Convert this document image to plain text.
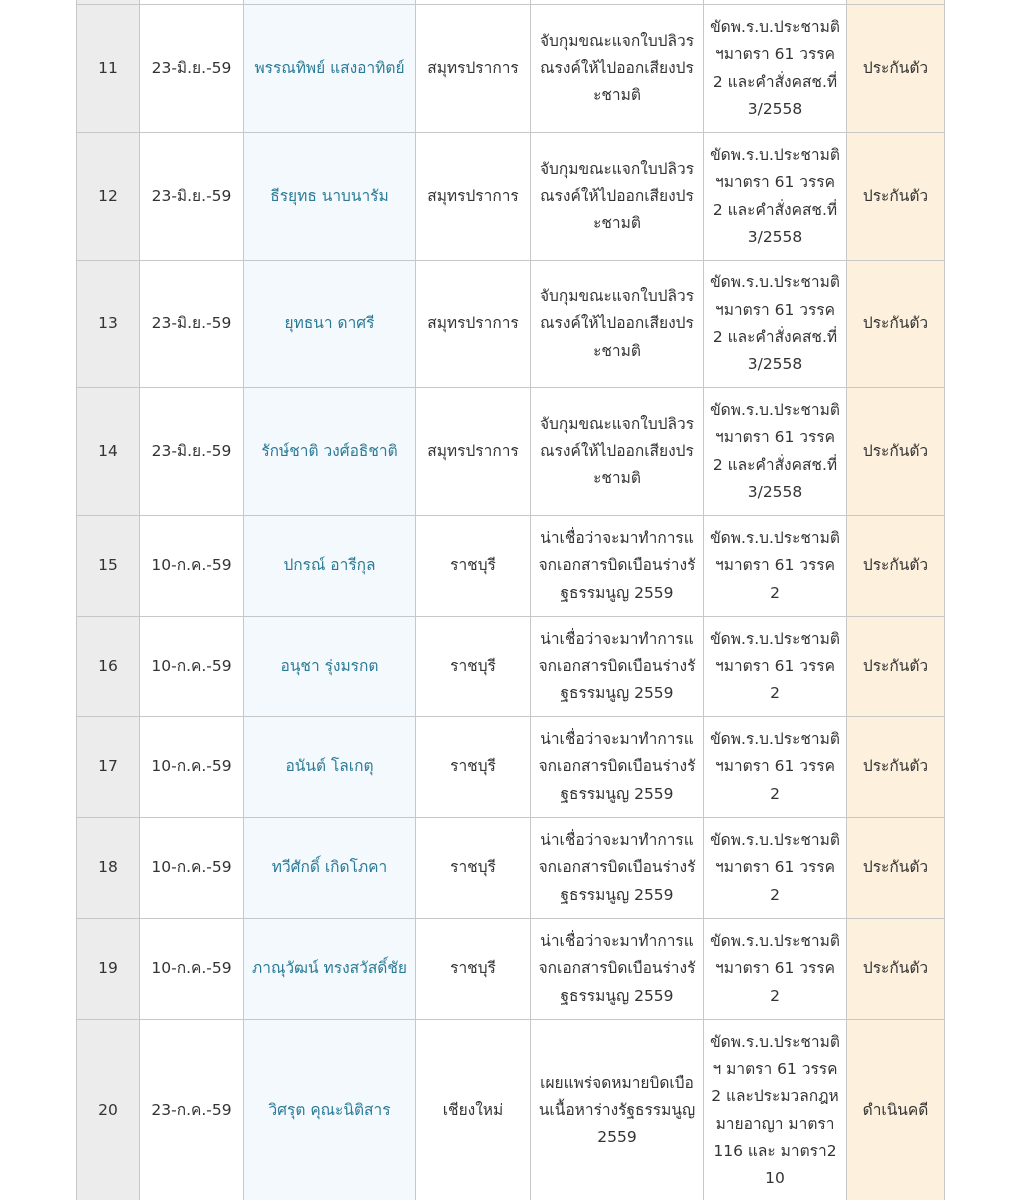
11	23-มิ.ย.-59	พรรณทิพย์ แสงอาทิตย์	สมุทรปราการ	จับกุมขณะแจกใบปลิวรณรงค์ให้ไปออกเสียงประชามติ	ขัดพ.ร.บ.ประชามติฯมาตรา 61 วรรค 2 และคำสั่งคสช.ที่3/2558	ประกันตัว
12	23-มิ.ย.-59	ธีรยุทธ นาบนารัม	สมุทรปราการ	จับกุมขณะแจกใบปลิวรณรงค์ให้ไปออกเสียงประชามติ	ขัดพ.ร.บ.ประชามติฯมาตรา 61 วรรค 2 และคำสั่งคสช.ที่3/2558	ประกันตัว
13	23-มิ.ย.-59	ยุทธนา ดาศรี	สมุทรปราการ	จับกุมขณะแจกใบปลิวรณรงค์ให้ไปออกเสียงประชามติ	ขัดพ.ร.บ.ประชามติฯมาตรา 61 วรรค 2 และคำสั่งคสช.ที่3/2558	ประกันตัว
14	23-มิ.ย.-59	รักษ์ชาติ วงศ์อธิชาติ	สมุทรปราการ	จับกุมขณะแจกใบปลิวรณรงค์ให้ไปออกเสียงประชามติ	ขัดพ.ร.บ.ประชามติฯมาตรา 61 วรรค 2 และคำสั่งคสช.ที่3/2558	ประกันตัว
15	10-ก.ค.-59	ปกรณ์ อารีกุล	ราชบุรี	น่าเชื่อว่าจะมาทำการแจกเอกสารบิดเบือนร่างรัฐธรรมนูญ 2559	ขัดพ.ร.บ.ประชามติฯมาตรา 61 วรรค 2	ประกันตัว
16	10-ก.ค.-59	อนุชา รุ่งมรกต	ราชบุรี	น่าเชื่อว่าจะมาทำการแจกเอกสารบิดเบือนร่างรัฐธรรมนูญ 2559	ขัดพ.ร.บ.ประชามติฯมาตรา 61 วรรค 2	ประกันตัว
17	10-ก.ค.-59	อนันต์ โลเกตุ	ราชบุรี	น่าเชื่อว่าจะมาทำการแจกเอกสารบิดเบือนร่างรัฐธรรมนูญ 2559	ขัดพ.ร.บ.ประชามติฯมาตรา 61 วรรค 2	ประกันตัว
18	10-ก.ค.-59	ทวีศักดิ์ เกิดโภคา	ราชบุรี	น่าเชื่อว่าจะมาทำการแจกเอกสารบิดเบือนร่างรัฐธรรมนูญ 2559	ขัดพ.ร.บ.ประชามติฯมาตรา 61 วรรค 2	ประกันตัว
19	10-ก.ค.-59	ภาณุวัฒน์ ทรงสวัสดิ์ชัย	ราชบุรี	น่าเชื่อว่าจะมาทำการแจกเอกสารบิดเบือนร่างรัฐธรรมนูญ 2559	ขัดพ.ร.บ.ประชามติฯมาตรา 61 วรรค 2	ประกันตัว
20	23-ก.ค.-59	วิศรุต คุณะนิติสาร	เชียงใหม่	เผยแพร่จดหมายบิดเบือนเนื้อหาร่างรัฐธรรมนูญ 2559	ขัดพ.ร.บ.ประชามติฯ มาตรา 61 วรรค 2 และประมวลกฎหมายอาญา มาตรา 116 และ มาตรา210	ดำเนินคดี
